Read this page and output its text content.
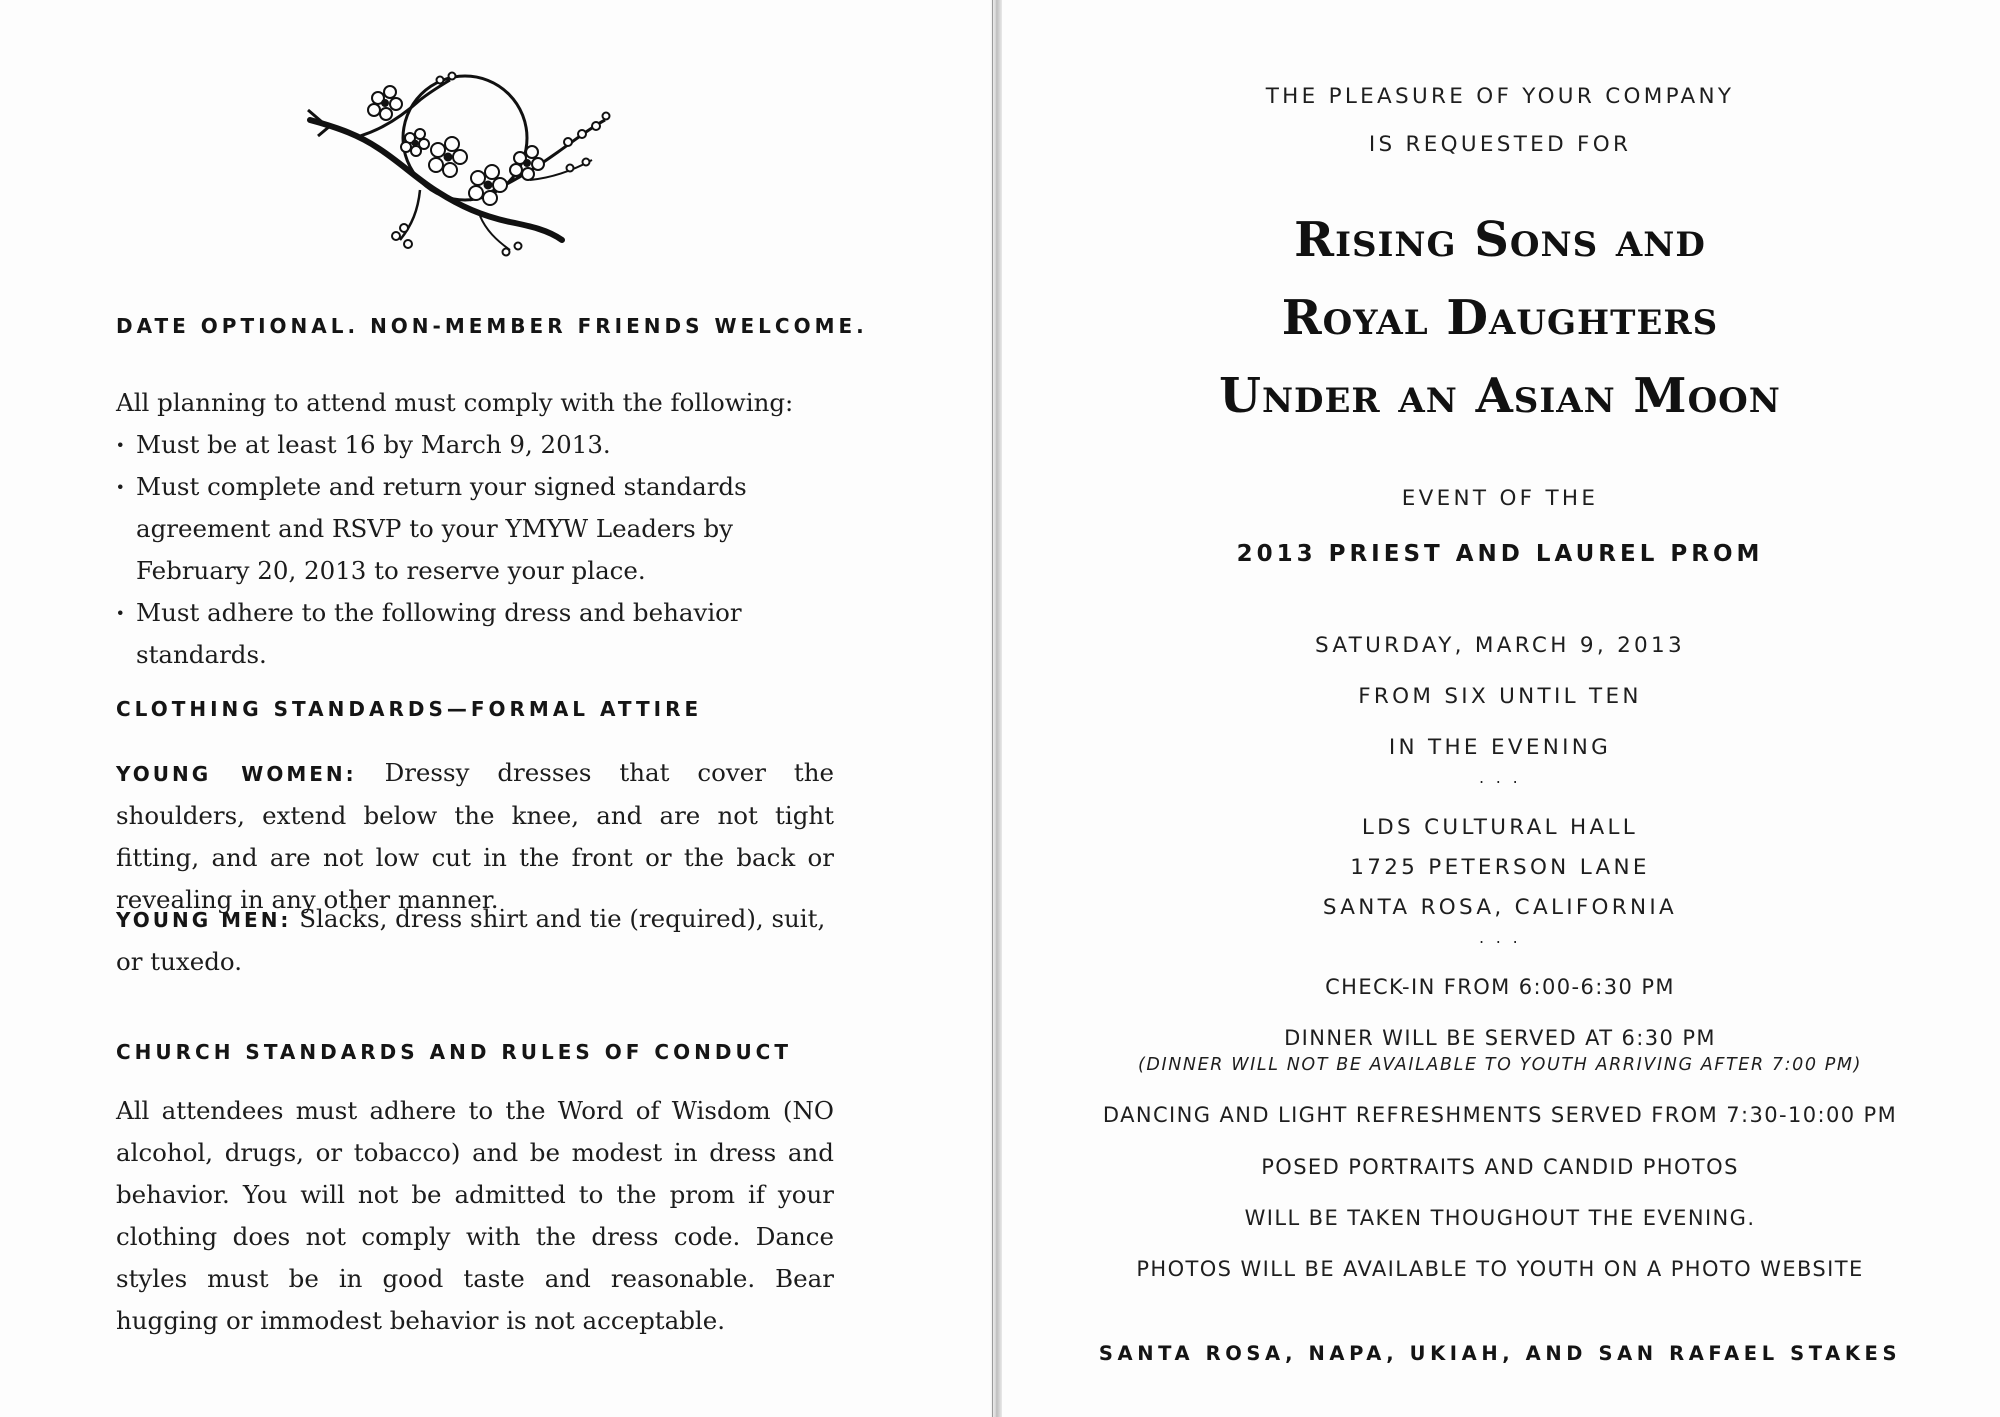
DATE OPTIONAL. NON-MEMBER FRIENDS WELCOME.
All planning to attend must comply with the following:
· Must be at least 16 by March 9, 2013.
· Must complete and return your signed standards agreement and RSVP to your YMYW Leaders by February 20, 2013 to reserve your place.
· Must adhere to the following dress and behavior standards.
CLOTHING STANDARDS—FORMAL ATTIRE
YOUNG WOMEN: Dressy dresses that cover the shoulders, extend below the knee, and are not tight fitting, and are not low cut in the front or the back or revealing in any other manner.
YOUNG MEN: Slacks, dress shirt and tie (required), suit, or tuxedo.
CHURCH STANDARDS AND RULES OF CONDUCT
All attendees must adhere to the Word of Wisdom (NO alcohol, drugs, or tobacco) and be modest in dress and behavior. You will not be admitted to the prom if your clothing does not comply with the dress code. Dance styles must be in good taste and reasonable. Bear hugging or immodest behavior is not acceptable.
THE PLEASURE OF YOUR COMPANY
IS REQUESTED FOR
Rising Sons and
Royal Daughters
Under an Asian Moon
EVENT OF THE
2013 PRIEST AND LAUREL PROM
SATURDAY, MARCH 9, 2013
FROM SIX UNTIL TEN
IN THE EVENING
. . .
LDS CULTURAL HALL
1725 PETERSON LANE
SANTA ROSA, CALIFORNIA
. . .
CHECK-IN FROM 6:00-6:30 PM
DINNER WILL BE SERVED AT 6:30 PM
(DINNER WILL NOT BE AVAILABLE TO YOUTH ARRIVING AFTER 7:00 PM)
DANCING AND LIGHT REFRESHMENTS SERVED FROM 7:30-10:00 PM
POSED PORTRAITS AND CANDID PHOTOS
WILL BE TAKEN THOUGHOUT THE EVENING.
PHOTOS WILL BE AVAILABLE TO YOUTH ON A PHOTO WEBSITE
SANTA ROSA, NAPA, UKIAH, AND SAN RAFAEL STAKES
